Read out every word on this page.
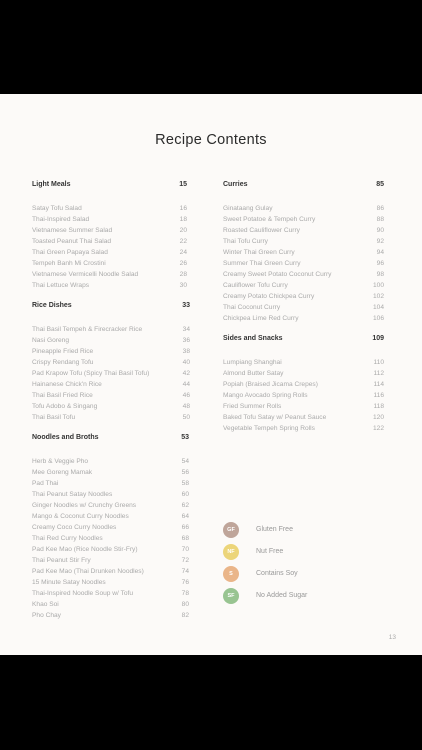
Recipe Contents
Light Meals	15
Satay Tofu Salad	16
Thai-Inspired Salad	18
Vietnamese Summer Salad	20
Toasted Peanut Thai Salad	22
Thai Green Papaya Salad	24
Tempeh Banh Mi Crostini	26
Vietnamese Vermicelli Noodle Salad	28
Thai Lettuce Wraps	30
Rice Dishes	33
Thai Basil Tempeh & Firecracker Rice	34
Nasi Goreng	36
Pineapple Fried Rice	38
Crispy Rendang Tofu	40
Pad Krapow Tofu (Spicy Thai Basil Tofu)	42
Hainanese Chick'n Rice	44
Thai Basil Fried Rice	46
Tofu Adobo & Singang	48
Thai Basil Tofu	50
Noodles and Broths	53
Herb & Veggie Pho	54
Mee Goreng Mamak	56
Pad Thai	58
Thai Peanut Satay Noodles	60
Ginger Noodles w/ Crunchy Greens	62
Mango & Coconut Curry Noodles	64
Creamy Coco Curry Noodles	66
Thai Red Curry Noodles	68
Pad Kee Mao (Rice Noodle Stir-Fry)	70
Thai Peanut Stir Fry	72
Pad Kee Mao (Thai Drunken Noodles)	74
15 Minute Satay Noodles	76
Thai-Inspired Noodle Soup w/ Tofu	78
Khao Soi	80
Pho Chay	82
Curries	85
Ginataang Gulay	86
Sweet Potatoe & Tempeh Curry	88
Roasted Cauliflower Curry	90
Thai Tofu Curry	92
Winter Thai Green Curry	94
Summer Thai Green Curry	96
Creamy Sweet Potato Coconut Curry	98
Cauliflower Tofu Curry	100
Creamy Potato Chickpea Curry	102
Thai Coconut Curry	104
Chickpea Lime Red Curry	106
Sides and Snacks	109
Lumpiang Shanghai	110
Almond Butter Satay	112
Popiah (Braised Jicama Crepes)	114
Mango Avocado Spring Rolls	116
Fried Summer Rolls	118
Baked Tofu Satay w/ Peanut Sauce	120
Vegetable Tempeh Spring Rolls	122
GF	Gluten Free
NF	Nut Free
S	Contains Soy
SF	No Added Sugar
13
